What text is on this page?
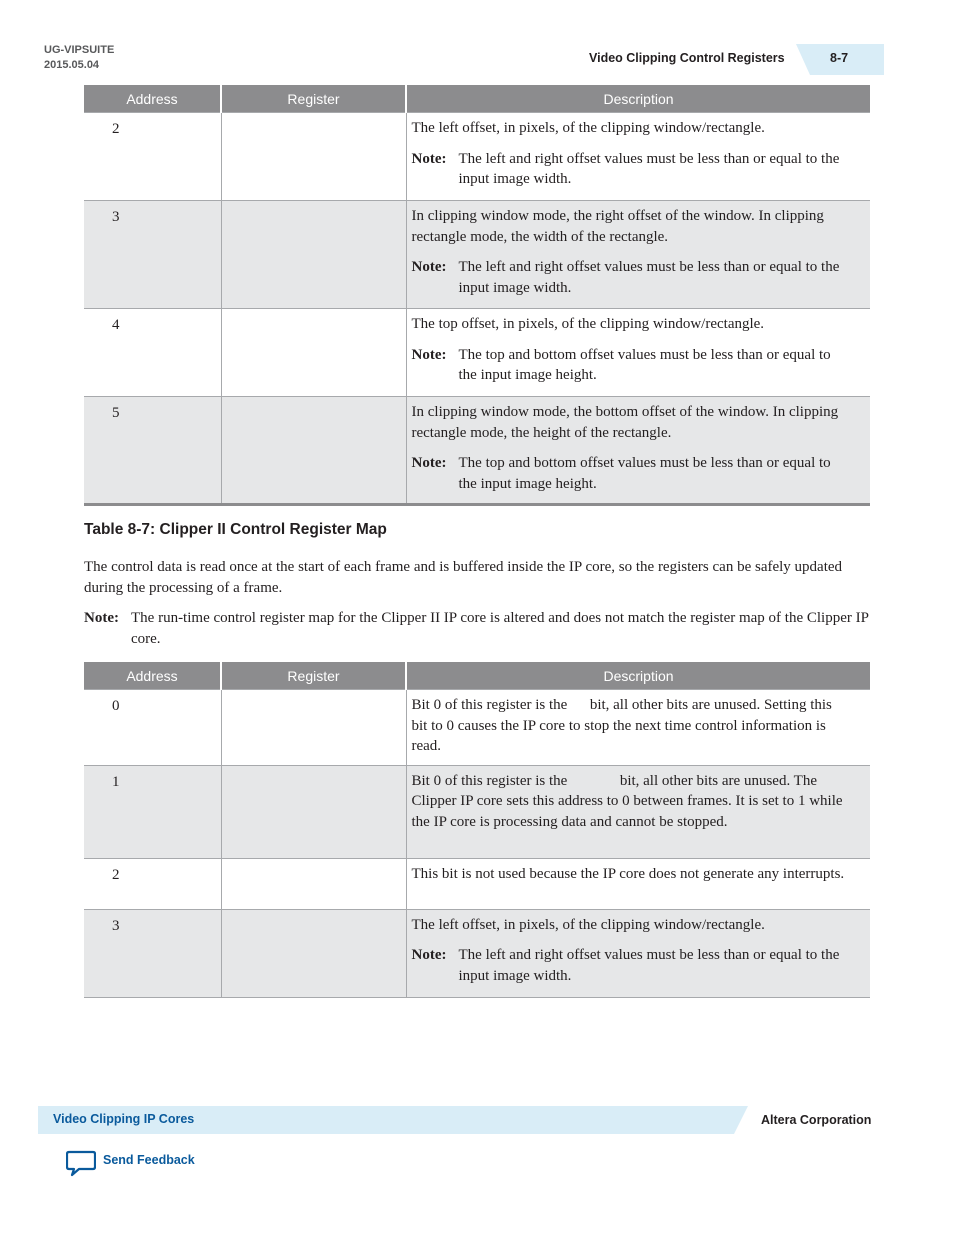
UG-VIPSUITE
2015.05.04	Video Clipping Control Registers	8-7
Address	Register	Description
2		The left offset, in pixels, of the clipping window/rectangle.

Note: The left and right offset values must be less than or equal to the input image width.

3		In clipping window mode, the right offset of the window. In clipping rectangle mode, the width of the rectangle.

Note: The left and right offset values must be less than or equal to the input image width.

4		The top offset, in pixels, of the clipping window/rectangle.

Note: The top and bottom offset values must be less than or equal to the input image height.

5		In clipping window mode, the bottom offset of the window. In clipping rectangle mode, the height of the rectangle.

Note: The top and bottom offset values must be less than or equal to the input image height.
Table 8-7: Clipper II Control Register Map

The control data is read once at the start of each frame and is buffered inside the IP core, so the registers can be safely updated during the processing of a frame.

Note: The run-time control register map for the Clipper II IP core is altered and does not match the register map of the Clipper IP core.
Address	Register	Description
0		Bit 0 of this register is the      bit, all other bits are unused. Setting this bit to 0 causes the IP core to stop the next time control information is read.
1		Bit 0 of this register is the              bit, all other bits are unused. The Clipper IP core sets this address to 0 between frames. It is set to 1 while the IP core is processing data and cannot be stopped.
2		This bit is not used because the IP core does not generate any interrupts.
3		The left offset, in pixels, of the clipping window/rectangle.

Note: The left and right offset values must be less than or equal to the input image width.
Video Clipping IP Cores	Altera Corporation
Send Feedback
